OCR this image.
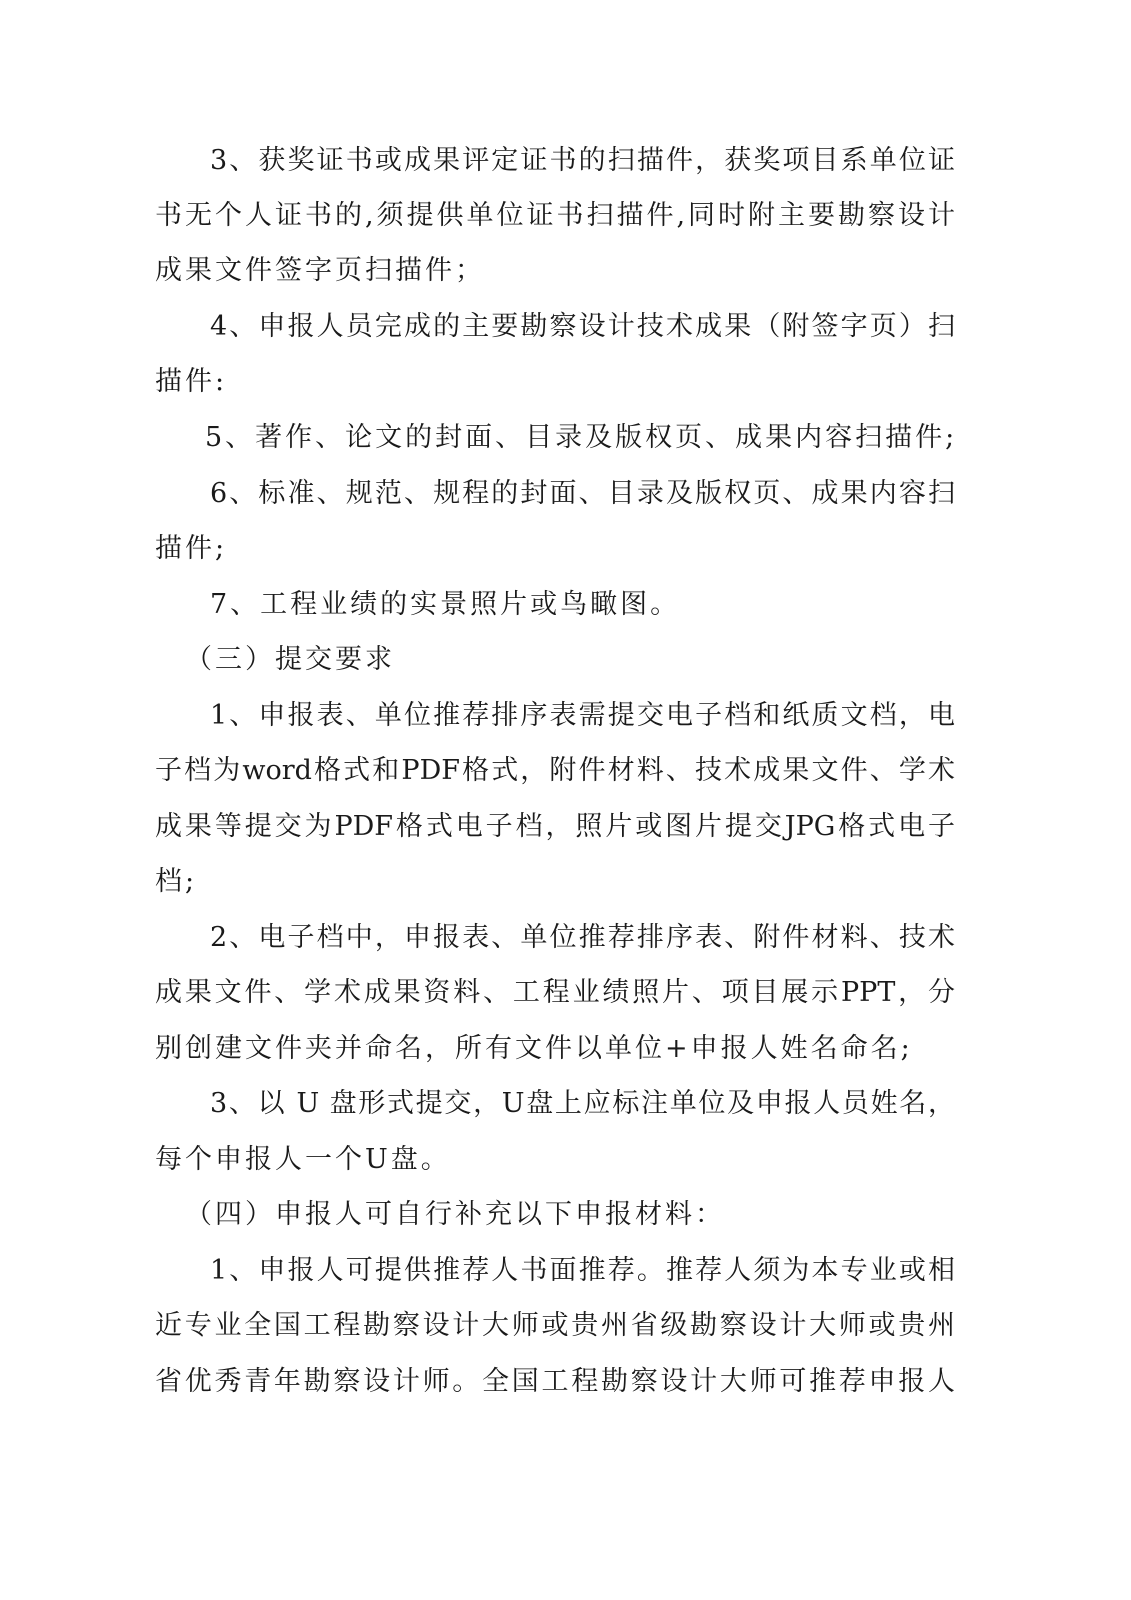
3、获奖证书或成果评定证书的扫描件，获奖项目系单位证
书无个人证书的,须提供单位证书扫描件,同时附主要勘察设计
成果文件签字页扫描件；
4、申报人员完成的主要勘察设计技术成果（附签字页）扫
描件:
5、著作、论文的封面、目录及版权页、成果内容扫描件;
6、标准、规范、规程的封面、目录及版权页、成果内容扫
描件;
7、工程业绩的实景照片或鸟瞰图。
（三）提交要求
1、申报表、单位推荐排序表需提交电子档和纸质文档，电
子档为word格式和PDF格式，附件材料、技术成果文件、学术
成果等提交为PDF格式电子档，照片或图片提交JPG格式电子
档;
2、电子档中，申报表、单位推荐排序表、附件材料、技术
成果文件、学术成果资料、工程业绩照片、项目展示PPT，分
别创建文件夹并命名，所有文件以单位+申报人姓名命名;
3、以 U 盘形式提交，U盘上应标注单位及申报人员姓名，
每个申报人一个U盘。
（四）申报人可自行补充以下申报材料：
1、申报人可提供推荐人书面推荐。推荐人须为本专业或相
近专业全国工程勘察设计大师或贵州省级勘察设计大师或贵州
省优秀青年勘察设计师。全国工程勘察设计大师可推荐申报人
